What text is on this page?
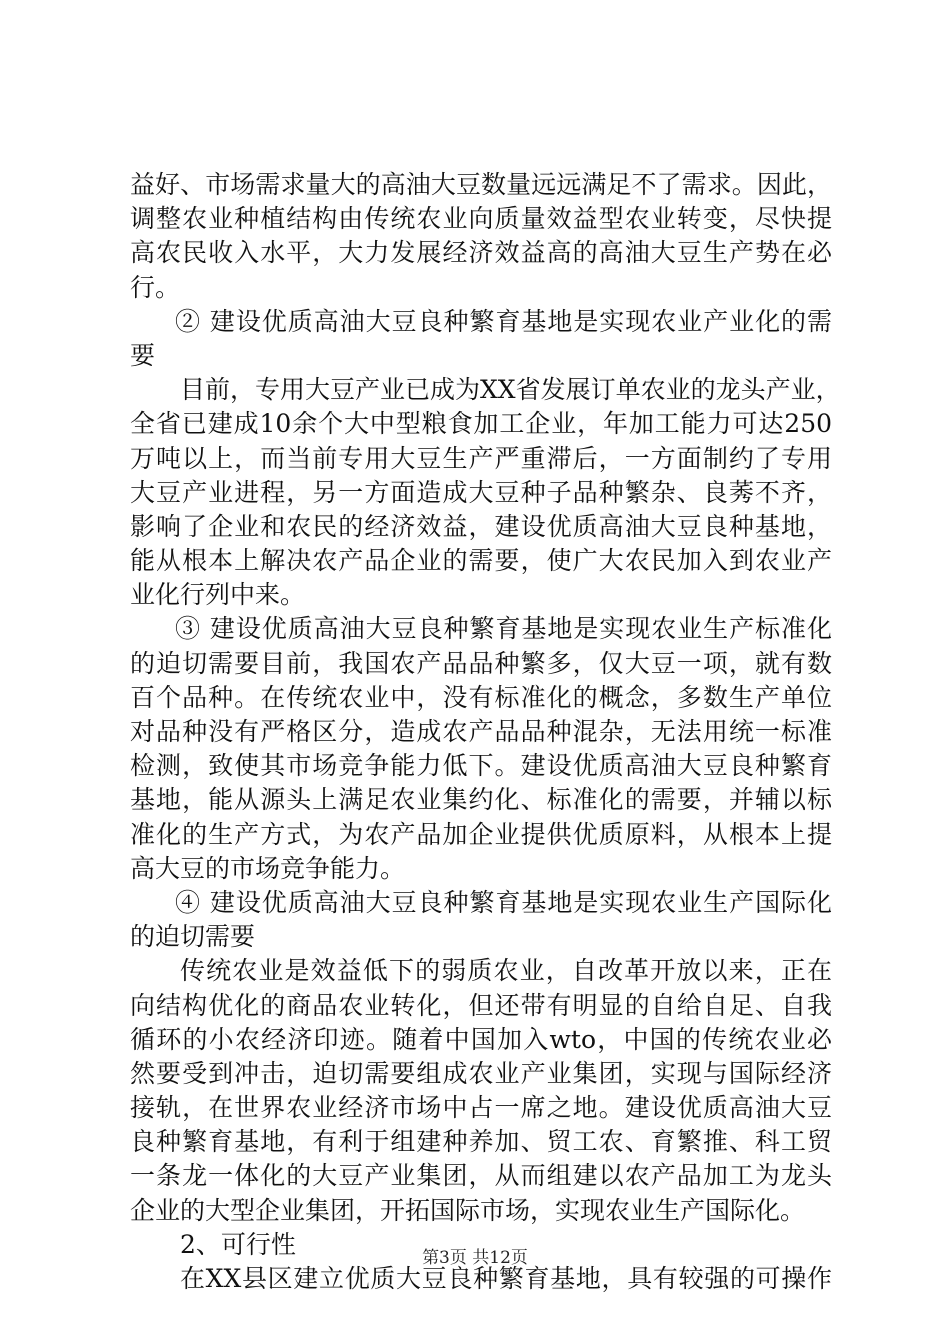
益好、市场需求量大的高油大豆数量远远满足不了需求。因此，
调整农业种植结构由传统农业向质量效益型农业转变，尽快提
高农民收入水平，大力发展经济效益高的高油大豆生产势在必
行。
② 建设优质高油大豆良种繁育基地是实现农业产业化的需
要
目前，专用大豆产业已成为XX省发展订单农业的龙头产业，
全省已建成10余个大中型粮食加工企业，年加工能力可达250
万吨以上，而当前专用大豆生产严重滞后，一方面制约了专用
大豆产业进程，另一方面造成大豆种子品种繁杂、良莠不齐，
影响了企业和农民的经济效益，建设优质高油大豆良种基地，
能从根本上解决农产品企业的需要，使广大农民加入到农业产
业化行列中来。
③ 建设优质高油大豆良种繁育基地是实现农业生产标准化
的迫切需要目前，我国农产品品种繁多，仅大豆一项，就有数
百个品种。在传统农业中，没有标准化的概念，多数生产单位
对品种没有严格区分，造成农产品品种混杂，无法用统一标准
检测，致使其市场竞争能力低下。建设优质高油大豆良种繁育
基地，能从源头上满足农业集约化、标准化的需要，并辅以标
准化的生产方式，为农产品加企业提供优质原料，从根本上提
高大豆的市场竞争能力。
④ 建设优质高油大豆良种繁育基地是实现农业生产国际化
的迫切需要
传统农业是效益低下的弱质农业，自改革开放以来，正在
向结构优化的商品农业转化，但还带有明显的自给自足、自我
循环的小农经济印迹。随着中国加入wto，中国的传统农业必
然要受到冲击，迫切需要组成农业产业集团，实现与国际经济
接轨，在世界农业经济市场中占一席之地。建设优质高油大豆
良种繁育基地，有利于组建种养加、贸工农、育繁推、科工贸
一条龙一体化的大豆产业集团，从而组建以农产品加工为龙头
企业的大型企业集团，开拓国际市场，实现农业生产国际化。
2、可行性
在XX县区建立优质大豆良种繁育基地，具有较强的可操作
第3页 共12页
